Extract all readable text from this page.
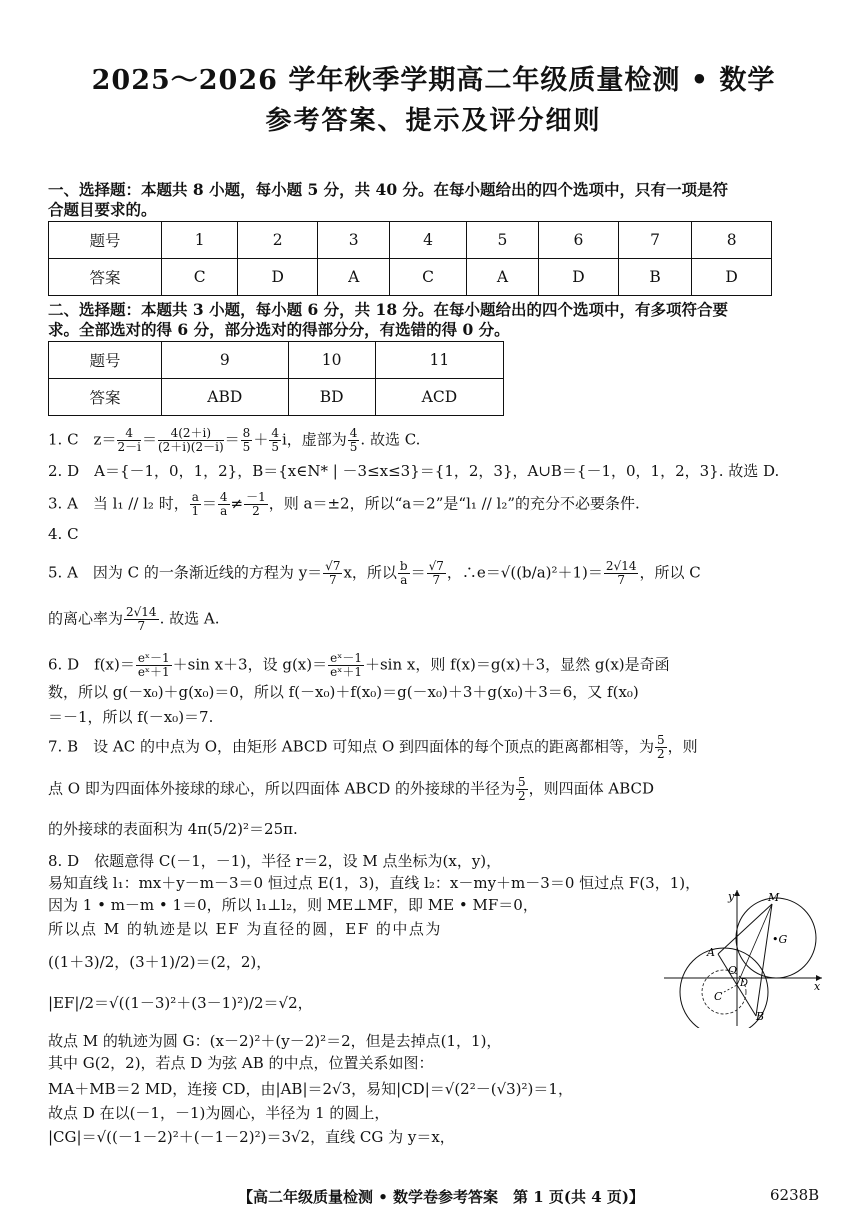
2025～2026 学年秋季学期高二年级质量检测 • 数学
参考答案、提示及评分细则
一、选择题：本题共 8 小题，每小题 5 分，共 40 分。在每小题给出的四个选项中，只有一项是符
合题目要求的。
题号	1	2	3	4	5	6	7	8
答案	C	D	A	C	A	D	B	D
二、选择题：本题共 3 小题，每小题 6 分，共 18 分。在每小题给出的四个选项中，有多项符合要
求。全部选对的得 6 分，部分选对的得部分分，有选错的得 0 分。
题号	9	10	11
答案	ABD	BD	ACD
1. C　$z= \frac{4}{2-i} = \frac{4(2+i)}{(2+i)(2-i)} = \frac{8}{5} + \frac{4}{5}$ i，虚部为 $\frac{4}{5}$ . 故选 C.
2. D　A＝{－1，0，1，2}，B＝{x∈N* | －3≤x≤3}＝{1，2，3}，A∪B＝{－1，0，1，2，3}. 故选 D.
3. A　当 l₁ // l₂ 时， $\frac{a}{1} = \frac{4}{a} \ne \frac{-1}{2}$ ，则 a＝±2，所以“a＝2”是“l₁ // l₂”的充分不必要条件.
4. C
5. A　因为 C 的一条渐近线的方程为 $y= \frac{√7}{7}$ x，所以 $\frac{b}{a} = \frac{√7}{7}$ ，∴e＝√((b/a)²＋1)＝ $\frac{2√14}{7}$ ，所以 C
的离心率为 $\frac{2√14}{7}$ . 故选 A.
6. D　$f(x)= \frac{\text{eˣ－1}}{\text{eˣ＋1}} +\sin$ x＋3，设 $g(x)= \frac{\text{eˣ－1}}{\text{eˣ＋1}} +\sin$ x，则 f(x)＝g(x)＋3，显然 g(x)是奇函
数，所以 g(－x₀)＋g(x₀)＝0，所以 f(－x₀)＋f(x₀)＝g(－x₀)＋3＋g(x₀)＋3＝6，又 f(x₀)
＝－1，所以 f(－x₀)＝7.
7. B　设 AC 的中点为 O，由矩形 ABCD 可知点 O 到四面体的每个顶点的距离都相等，为 $\frac{5}{2}$ ，则
点 O 即为四面体外接球的球心，所以四面体 ABCD 的外接球的半径为 $\frac{5}{2}$ ，则四面体 ABCD
的外接球的表面积为 4π(5/2)²＝25π.
8. D　依题意得 C(－1，－1)，半径 r＝2，设 M 点坐标为(x，y)，
易知直线 l₁：mx＋y－m－3＝0 恒过点 E(1，3)，直线 l₂：x－my＋m－3＝0 恒过点 F(3，1)，
因为 1 • m－m • 1＝0，所以 l₁⊥l₂，则 ME⊥MF，即 ME • MF＝0，
所以点 M 的轨迹是以 EF 为直径的圆，EF 的中点为
((1＋3)/2，(3＋1)/2)＝(2，2)，
|EF|/2＝√((1－3)²＋(3－1)²)/2＝√2，
故点 M 的轨迹为圆 G：(x－2)²＋(y－2)²＝2，但是去掉点(1，1)，
其中 G(2，2)，若点 D 为弦 AB 的中点，位置关系如图：
MA＋MB＝2 MD，连接 CD，由|AB|＝2√3，易知|CD|＝√(2²－(√3)²)＝1，
故点 D 在以(－1，－1)为圆心，半径为 1 的圆上，
|CG|＝√((－1－2)²＋(－1－2)²)＝3√2，直线 CG 为 y＝x，
y
x
M
•G
A
O
D
C
B
【高二年级质量检测 • 数学卷参考答案　第 1 页(共 4 页)】	6238B
